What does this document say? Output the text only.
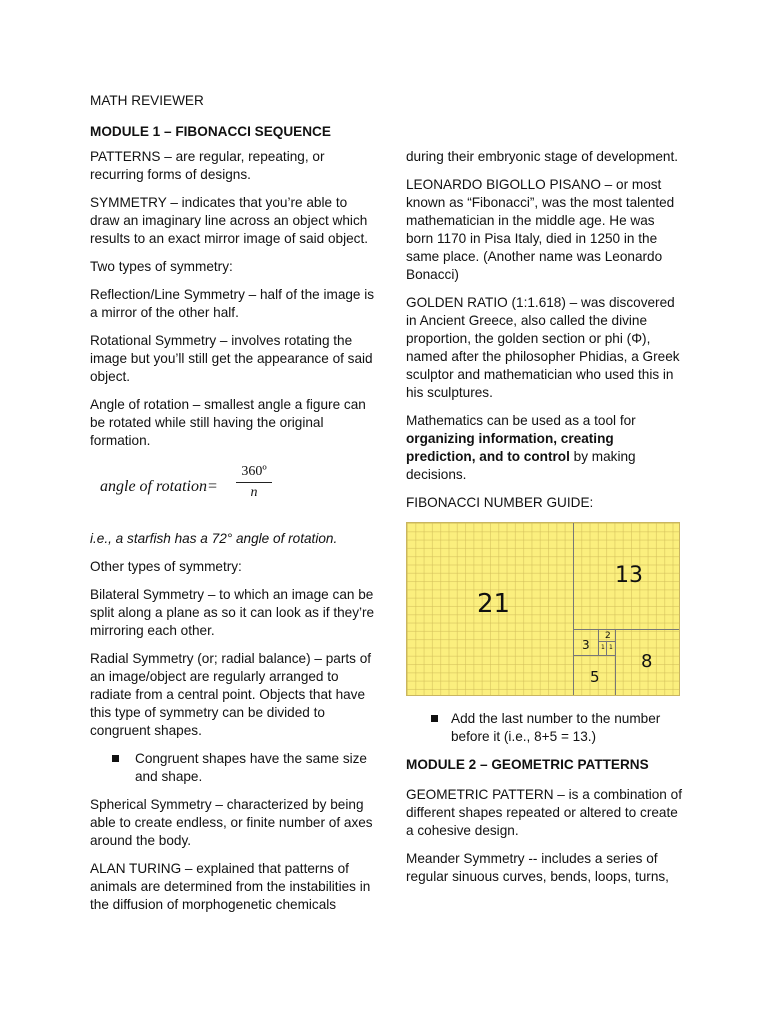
MATH REVIEWER

MODULE 1 – FIBONACCI SEQUENCE

PATTERNS – are regular, repeating, or recurring forms of designs.

SYMMETRY – indicates that you’re able to draw an imaginary line across an object which results to an exact mirror image of said object.

Two types of symmetry:

Reflection/Line Symmetry – half of the image is a mirror of the other half.

Rotational Symmetry – involves rotating the image but you’ll still get the appearance of said object.

Angle of rotation – smallest angle a figure can be rotated while still having the original formation.

angle of rotation= $\frac{\text{360º}}{n}$

i.e., a starfish has a 72° angle of rotation.

Other types of symmetry:

Bilateral Symmetry – to which an image can be split along a plane as so it can look as if they’re mirroring each other.

Radial Symmetry (or; radial balance) – parts of an image/object are regularly arranged to radiate from a central point. Objects that have this type of symmetry can be divided to congruent shapes.

Congruent shapes have the same size and shape.

Spherical Symmetry – characterized by being able to create endless, or finite number of axes around the body.

ALAN TURING – explained that patterns of animals are determined from the instabilities in the diffusion of morphogenetic chemicals

during their embryonic stage of development.

LEONARDO BIGOLLO PISANO – or most known as “Fibonacci”, was the most talented mathematician in the middle age. He was born 1170 in Pisa Italy, died in 1250 in the same place. (Another name was Leonardo Bonacci)

GOLDEN RATIO (1:1.618) – was discovered in Ancient Greece, also called the divine proportion, the golden section or phi (Φ), named after the philosopher Phidias, a Greek sculptor and mathematician who used this in his sculptures.

Mathematics can be used as a tool for organizing information, creating prediction, and to control by making decisions.

FIBONACCI NUMBER GUIDE:

21
13
8
5
3
2
1 1
Add the last number to the number before it (i.e., 8+5 = 13.)

MODULE 2 – GEOMETRIC PATTERNS

GEOMETRIC PATTERN – is a combination of different shapes repeated or altered to create a cohesive design.

Meander Symmetry -- includes a series of regular sinuous curves, bends, loops, turns,
